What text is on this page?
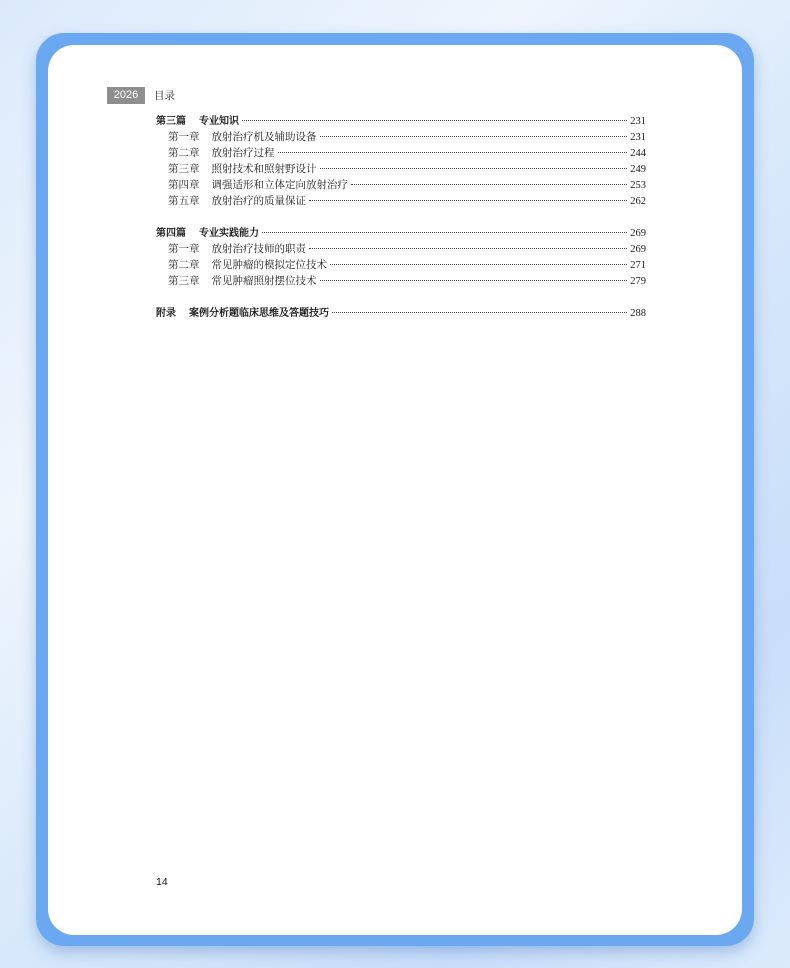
2026	目录
第三篇 专业知识	231
第一章 放射治疗机及辅助设备	231
第二章 放射治疗过程	244
第三章 照射技术和照射野设计	249
第四章 调强适形和立体定向放射治疗	253
第五章 放射治疗的质量保证	262
第四篇 专业实践能力	269
第一章 放射治疗技师的职责	269
第二章 常见肿瘤的模拟定位技术	271
第三章 常见肿瘤照射摆位技术	279
附录 案例分析题临床思维及答题技巧	288
14
